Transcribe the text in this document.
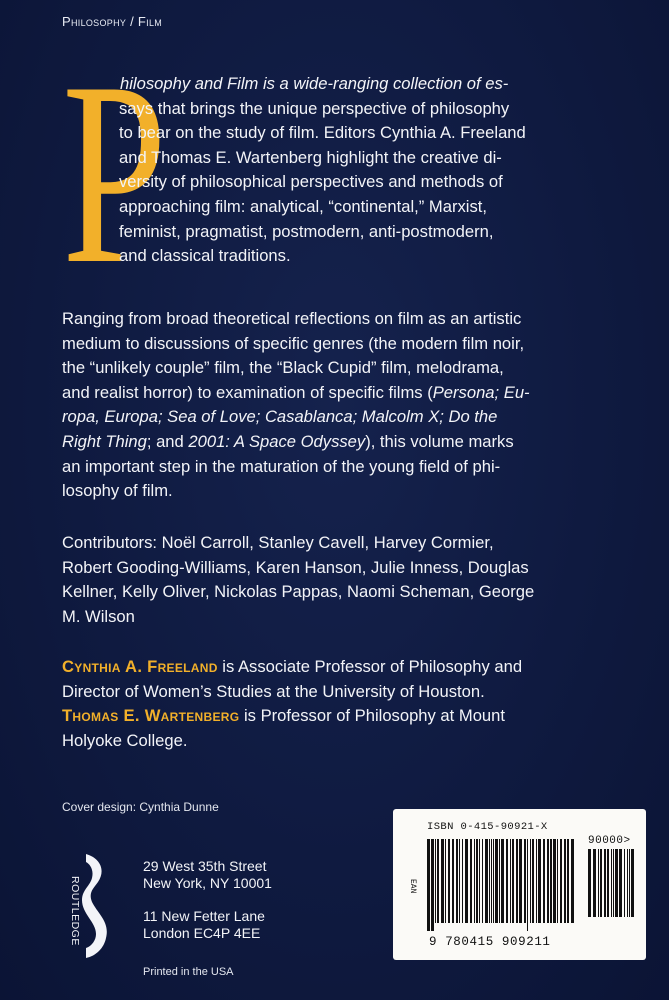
Philosophy / Film
P

hilosophy and Film is a wide-ranging collection of es-
says that brings the unique perspective of philosophy
to bear on the study of film. Editors Cynthia A. Freeland
and Thomas E. Wartenberg highlight the creative di-
versity of philosophical perspectives and methods of
approaching film: analytical, “continental,” Marxist,
feminist, pragmatist, postmodern, anti-postmodern,
and classical traditions.

Ranging from broad theoretical reflections on film as an artistic
medium to discussions of specific genres (the modern film noir,
the “unlikely couple” film, the “Black Cupid” film, melodrama,
and realist horror) to examination of specific films (Persona; Eu-
ropa, Europa; Sea of Love; Casablanca; Malcolm X; Do the
Right Thing; and 2001: A Space Odyssey), this volume marks
an important step in the maturation of the young field of phi-
losophy of film.

Contributors: Noël Carroll, Stanley Cavell, Harvey Cormier,
Robert Gooding-Williams, Karen Hanson, Julie Inness, Douglas
Kellner, Kelly Oliver, Nickolas Pappas, Naomi Scheman, George
M. Wilson

Cynthia A. Freeland is Associate Professor of Philosophy and
Director of Women’s Studies at the University of Houston.
Thomas E. Wartenberg is Professor of Philosophy at Mount
Holyoke College.

Cover design: Cynthia Dunne
ROUTLEDGE
29 West 35th Street
New York, NY 10001
11 New Fetter Lane
London EC4P 4EE
Printed in the USA
ISBN 0-415-90921-X
EAN
90000>
9 780415 909211
